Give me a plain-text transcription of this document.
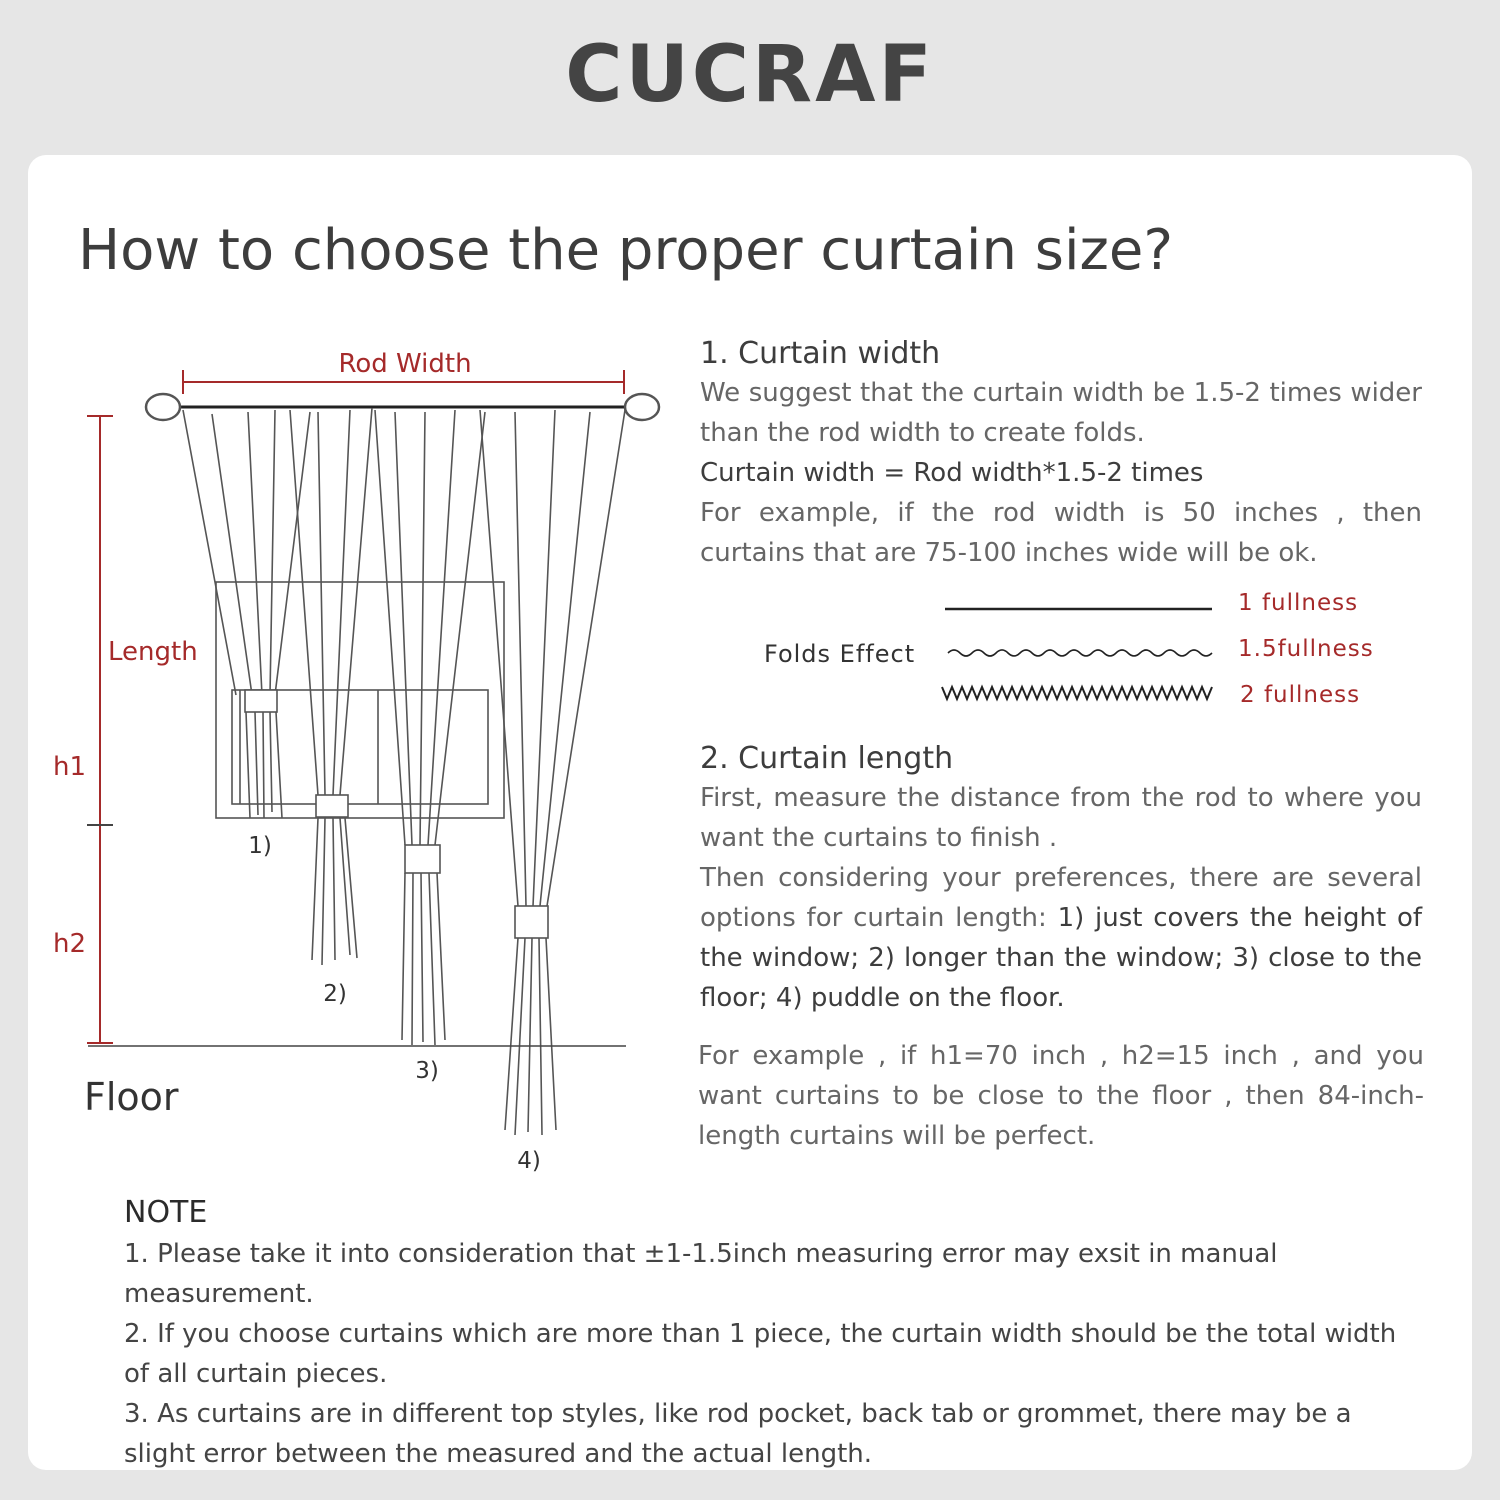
CUCRAF
How to choose the proper curtain size?
Rod Width
Length
h1
h2
Floor
1)
2)
3)
4)
1. Curtain width

We suggest that the curtain width be 1.5-2 times wider than the rod width to create folds.

Curtain width = Rod width*1.5-2 times

For example, if the rod width is 50 inches , then curtains that are 75-100 inches wide will be ok.

Folds Effect
1 fullness
1.5fullness
2 fullness
2. Curtain length

First, measure the distance from the rod to where you want the curtains to finish .

Then considering your preferences, there are several options for curtain length: 1) just covers the height of the window; 2) longer than the window; 3) close to the floor; 4) puddle on the floor.

For example , if h1=70 inch , h2=15 inch , and you want curtains to be close to the floor , then 84-inch-length curtains will be perfect.

NOTE

1. Please take it into consideration that ±1-1.5inch measuring error may exsit in manual measurement.

2. If you choose curtains which are more than 1 piece, the curtain width should be the total width of all curtain pieces.

3. As curtains are in different top styles, like rod pocket, back tab or grommet, there may be a slight error between the measured and the actual length.
